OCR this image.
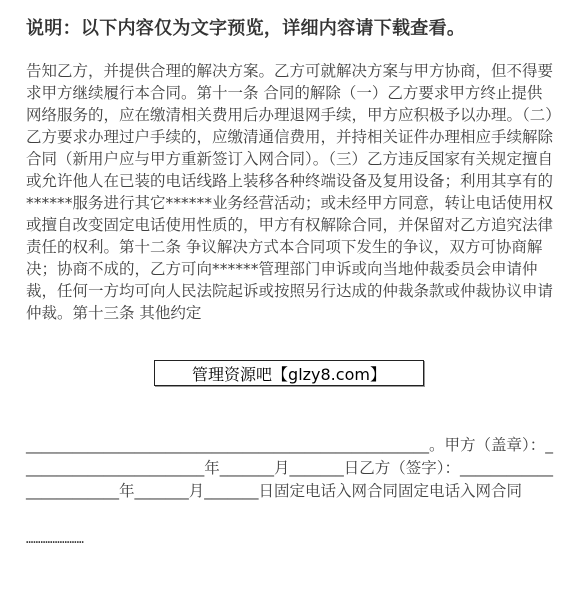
说明：以下内容仅为文字预览，详细内容请下载查看。

告知乙方，并提供合理的解决方案。乙方可就解决方案与甲方协商，但不得要求甲方继续履行本合同。第十一条 合同的解除（一）乙方要求甲方终止提供网络服务的，应在缴清相关费用后办理退网手续，甲方应积极予以办理。（二）乙方要求办理过户手续的，应缴清通信费用，并持相关证件办理相应手续解除合同（新用户应与甲方重新签订入网合同）。（三）乙方违反国家有关规定擅自或允许他人在已装的电话线路上装移各种终端设备及复用设备；利用其享有的******服务进行其它******业务经营活动；或未经甲方同意，转让电话使用权或擅自改变固定电话使用性质的，甲方有权解除合同，并保留对乙方追究法律责任的权利。第十二条 争议解决方式本合同项下发生的争议，双方可协商解决；协商不成的，乙方可向******管理部门申诉或向当地仲裁委员会申请仲裁，任何一方均可向人民法院起诉或按照另行达成的仲裁条款或仲裁协议申请仲裁。第十三条 其他约定

____________________________________________________。甲方（盖章）：________________________年_______月_______日乙方（签字）：________________________年_______月_______日固定电话入网合同固定电话入网合同
……………………
管理资源吧【glzy8.com】
